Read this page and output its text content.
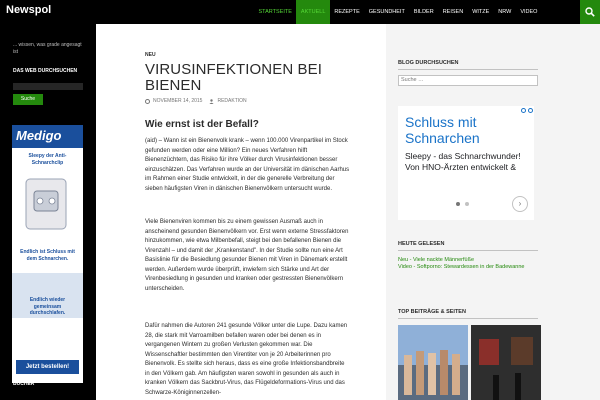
Newspol	STARTSEITE	AKTUELL	REZEPTE	GESUNDHEIT	BILDER	REISEN	WITZE	NRW	VIDEO
... wissen, was grade angesagt ist
DAS WEB DURCHSUCHEN
Suche
Medigo
Sleepy der Anti-Schnarchclip
Endlich ist Schluss mit dem Schnarchen.
Endlich wieder gemeinsam durchschlafen.
Jetzt bestellen!
BÜCHER
NEU
VIRUSINFEKTIONEN BEI BIENEN
NOVEMBER 14, 2015	REDAKTION
Wie ernst ist der Befall?

(aid) – Wann ist ein Bienenvolk krank – wenn 100.000 Virenpartikel im Stock gefunden werden oder eine Million? Ein neues Verfahren hilft Bienenzüchtern, das Risiko für ihre Völker durch Virusinfektionen besser einzuschätzen. Das Verfahren wurde an der Universität im dänischen Aarhus im Rahmen einer Studie entwickelt, in der die generelle Verbreitung der sieben häufigsten Viren in dänischen Bienenvölkern untersucht wurde.

Viele Bienenviren kommen bis zu einem gewissen Ausmaß auch in anscheinend gesunden Bienenvölkern vor. Erst wenn externe Stressfaktoren hinzukommen, wie etwa Milbenbefall, steigt bei den befallenen Bienen die Virenzahl – und damit der „Krankenstand". In der Studie sollte nun eine Art Basislinie für die Besiedlung gesunder Bienen mit Viren in Dänemark erstellt werden. Außerdem wurde überprüft, inwiefern sich Stärke und Art der Virenbesiedlung in gesunden und kranken oder gestressten Bienenvölkern unterscheiden.

Dafür nahmen die Autoren 241 gesunde Völker unter die Lupe. Dazu kamen 28, die stark mit Varroamilben befallen waren oder bei denen es in vergangenen Wintern zu großen Verlusten gekommen war. Die Wissenschaftler bestimmten den Virentiter von je 20 Arbeiterinnen pro Bienenvolk. Es stellte sich heraus, dass es eine große Infektionsbandbreite in den Völkern gab. Am häufigsten waren sowohl in gesunden als auch in kranken Völkern das Sackbrut-Virus, das Flügeldeformations-Virus und das Schwarze-Königinnenzellen-

BLOG DURCHSUCHEN
Suche …
Schluss mit Schnarchen
Sleepy - das Schnarchwunder! Von HNO-Ärzten entwickelt &
›
HEUTE GELESEN
Neu - Viele nackte Männerfüße
Video - Softporno: Stewardessen in der Badewanne
TOP BEITRÄGE & SEITEN
